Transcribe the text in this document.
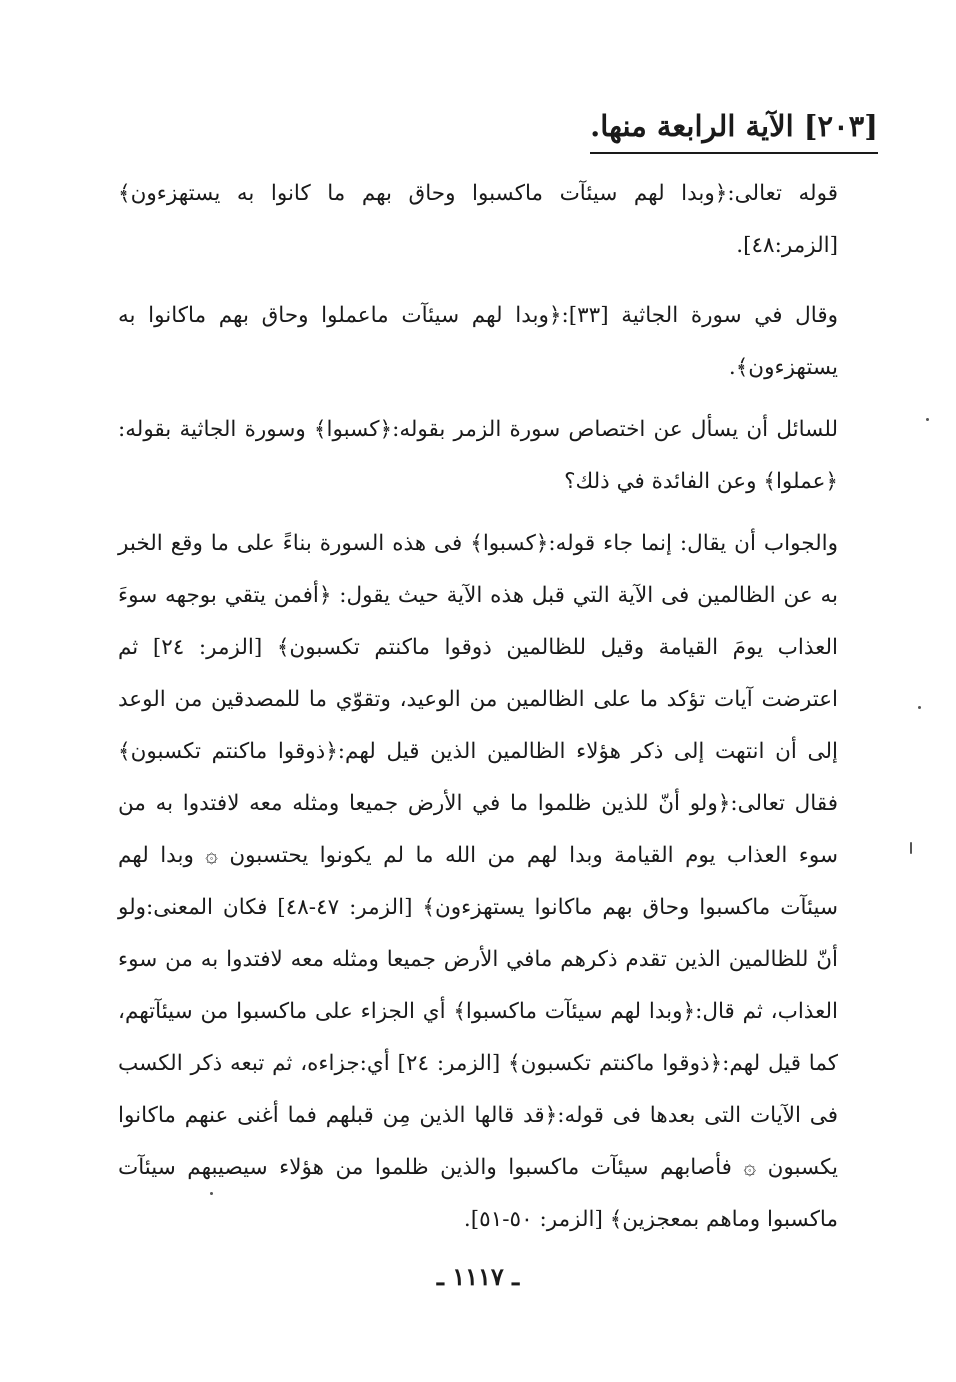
[٢٠٣] الآية الرابعة منها.

قوله تعالى:﴿وبدا لهم سيئآت ماكسبوا وحاق بهم ما كانوا به يستهزءون﴾ [الزمر:٤٨].

وقال في سورة الجاثية [٣٣]:﴿وبدا لهم سيئآت ماعملوا وحاق بهم ماكانوا به يستهزءون﴾.

للسائل أن يسأل عن اختصاص سورة الزمر بقوله:﴿كسبوا﴾ وسورة الجاثية بقوله:﴿عملوا﴾ وعن الفائدة في ذلك؟

والجواب أن يقال: إنما جاء قوله:﴿كسبوا﴾ فى هذه السورة بناءً على ما وقع الخبر به عن الظالمين فى الآية التي قبل هذه الآية حيث يقول: ﴿أفمن يتقي بوجهه سوءَ العذاب يومَ القيامة وقيل للظالمين ذوقوا ماكنتم تكسبون﴾ [الزمر: ٢٤] ثم اعترضت آيات تؤكد ما على الظالمين من الوعيد، وتقوّي ما للمصدقين من الوعد إلى أن انتهت إلى ذكر هؤلاء الظالمين الذين قيل لهم:﴿ذوقوا ماكنتم تكسبون﴾ فقال تعالى:﴿ولو أنّ للذين ظلموا ما في الأرض جميعا ومثله معه لافتدوا به من سوء العذاب يوم القيامة وبدا لهم من الله ما لم يكونوا يحتسبون ۞ وبدا لهم سيئآت ماكسبوا وحاق بهم ماكانوا يستهزءون﴾ [الزمر: ٤٧-٤٨] فكان المعنى:ولو أنّ للظالمين الذين تقدم ذكرهم مافي الأرض جميعا ومثله معه لافتدوا به من سوء العذاب، ثم قال:﴿وبدا لهم سيئآت ماكسبوا﴾ أي الجزاء على ماكسبوا من سيئآتهم، كما قيل لهم:﴿ذوقوا ماكنتم تكسبون﴾ [الزمر: ٢٤] أي:جزاءه، ثم تبعه ذكر الكسب فى الآيات التى بعدها فى قوله:﴿قد قالها الذين مِن قبلهم فما أغنى عنهم ماكانوا يكسبون ۞ فأصابهم سيئآت ماكسبوا والذين ظلموا من هؤلاء سيصيبهم سيئآت ماكسبوا وماهم بمعجزين﴾ [الزمر: ٥٠-٥١].

ـ ١١١٧ ـ
